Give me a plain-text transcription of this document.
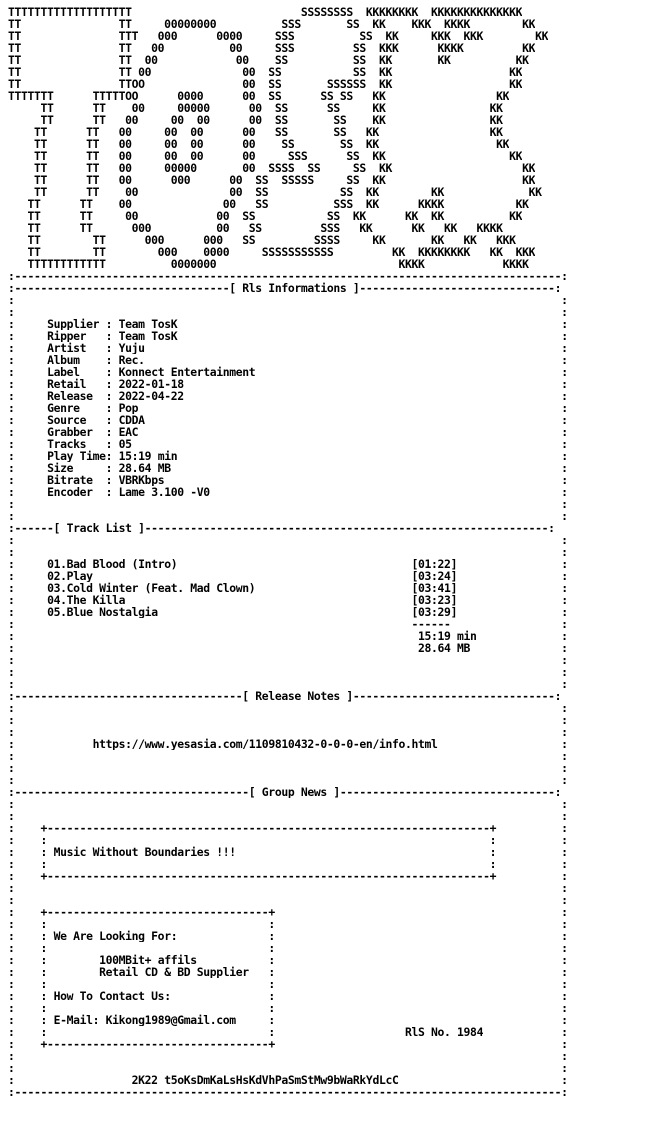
TTTTTTTTTTTTTTTTTTT                          SSSSSSSS  KKKKKKKK  KKKKKKKKKKKKKK
TT               TT     00000000          SSS       SS  KK    KKK  KKKK        KK
TT               TTT   000      0000     SSS          SS  KK     KKK  KKK        KK
TT               TT   00          00     SSS         SS  KKK      KKKK         KK
TT               TT  00            00    SS          SS  KK       KK          KK
TT               TT 00              00  SS           SS  KK                  KK
TT               TTOO               00  SS       SSSSSS  KK                  KK
TTTTTTT      TTTTTOO      0000      00  SS      SS SS   KK                 KK
TT      TT    00     00000      00  SS      SS     KK                KK
TT      TT   00     00  00      00  SS       SS    KK                KK
TT      TT   00     00  00      00   SS       SS   KK                 KK
TT      TT   00     00  00      00    SS       SS  KK                  KK
TT      TT   00     00  00      00     SSS      SS  KK                   KK
TT      TT   00     00000       00  SSSS  SS     SS  KK                    KK
TT      TT   00      000      00  SS  SSSSS     SS  KK                     KK
TT      TT    00              00  SS           SS  KK        KK             KK
TT      TT    00              00   SS          SSS  KK      KKKK           KK
TT      TT     00            00  SS           SS  KK      KK  KK          KK
TT      TT      000          00   SS         SSS   KK      KK   KK   KKKK
TT        TT      000      000   SS         SSSS     KK       KK   KK   KKK
TT        TT        000    0000     SSSSSSSSSSS         KK  KKKKKKKK   KK  KKK
TTTTTTTTTTTT          0000000                            KKKK            KKKK
:------------------------------------------------------------------------------------:
:---------------------------------[ Rls Informations ]------------------------------:
:                                                                                    :
:                                                                                    :
:	Supplier : Team TosK                                                           :
:	Ripper   : Team TosK                                                           :
:	Artist   : Yuju                                                                :
:	Album    : Rec.                                                                :
:	Label    : Konnect Entertainment                                               :
:	Retail   : 2022-01-18                                                          :
:	Release  : 2022-04-22                                                          :
:	Genre    : Pop                                                                 :
:	Source   : CDDA                                                                :
:	Grabber  : EAC                                                                 :
:	Tracks   : 05                                                                  :
:	Play Time: 15:19 min                                                           :
:	Size     : 28.64 MB                                                            :
:	Bitrate  : VBRKbps                                                             :
:	Encoder  : Lame 3.100 -V0                                                      :
:                                                                                    :
:                                                                                    :
:------[ Track List ]--------------------------------------------------------------:
:                                                                                    :
:                                                                                    :
:	01.Bad Blood (Intro)                                    [01:22]                :
:	02.Play                                                 [03:24]                :
:	03.Cold Winter (Feat. Mad Clown)                        [03:41]                :
:	04.The Killa                                            [03:23]                :
:	05.Blue Nostalgia                                       [03:29]                :
:	------                 :
:	15:19 min             :
:	28.64 MB              :
:                                                                                    :
:                                                                                    :
:                                                                                    :
:-----------------------------------[ Release Notes ]-------------------------------:
:                                                                                    :
:                                                                                    :
:                                                                                    :
:	https://www.yesasia.com/1109810432-0-0-0-en/info.html                   :
:                                                                                    :
:                                                                                    :
:                                                                                    :
:------------------------------------[ Group News ]---------------------------------:
:                                                                                    :
:                                                                                    :
:    +--------------------------------------------------------------------+          :
:    :                                                                    :          :
:    : Music Without Boundaries !!!                                       :          :
:    :                                                                    :          :
:    +--------------------------------------------------------------------+          :
:                                                                                    :
:                                                                                    :
:    +----------------------------------+                                            :
:    :                                  :                                            :
:    : We Are Looking For:              :                                            :
:    :                                  :                                            :
:    :	100MBit+ affils           :                                            :
:    :	Retail CD & BD Supplier   :                                            :
:    :                                  :                                            :
:    : How To Contact Us:               :                                            :
:    :                                  :                                            :
:    : E-Mail: Kikong1989@Gmail.com     :                                            :
:    :                                  :	RlS No. 1984            :
:    +----------------------------------+                                            :
:                                                                                    :
:                                                                                    :
:	2K22 t5oKsDmKaLsHsKdVhPaSmStMw9bWaRkYdLcC                         :
:------------------------------------------------------------------------------------:
